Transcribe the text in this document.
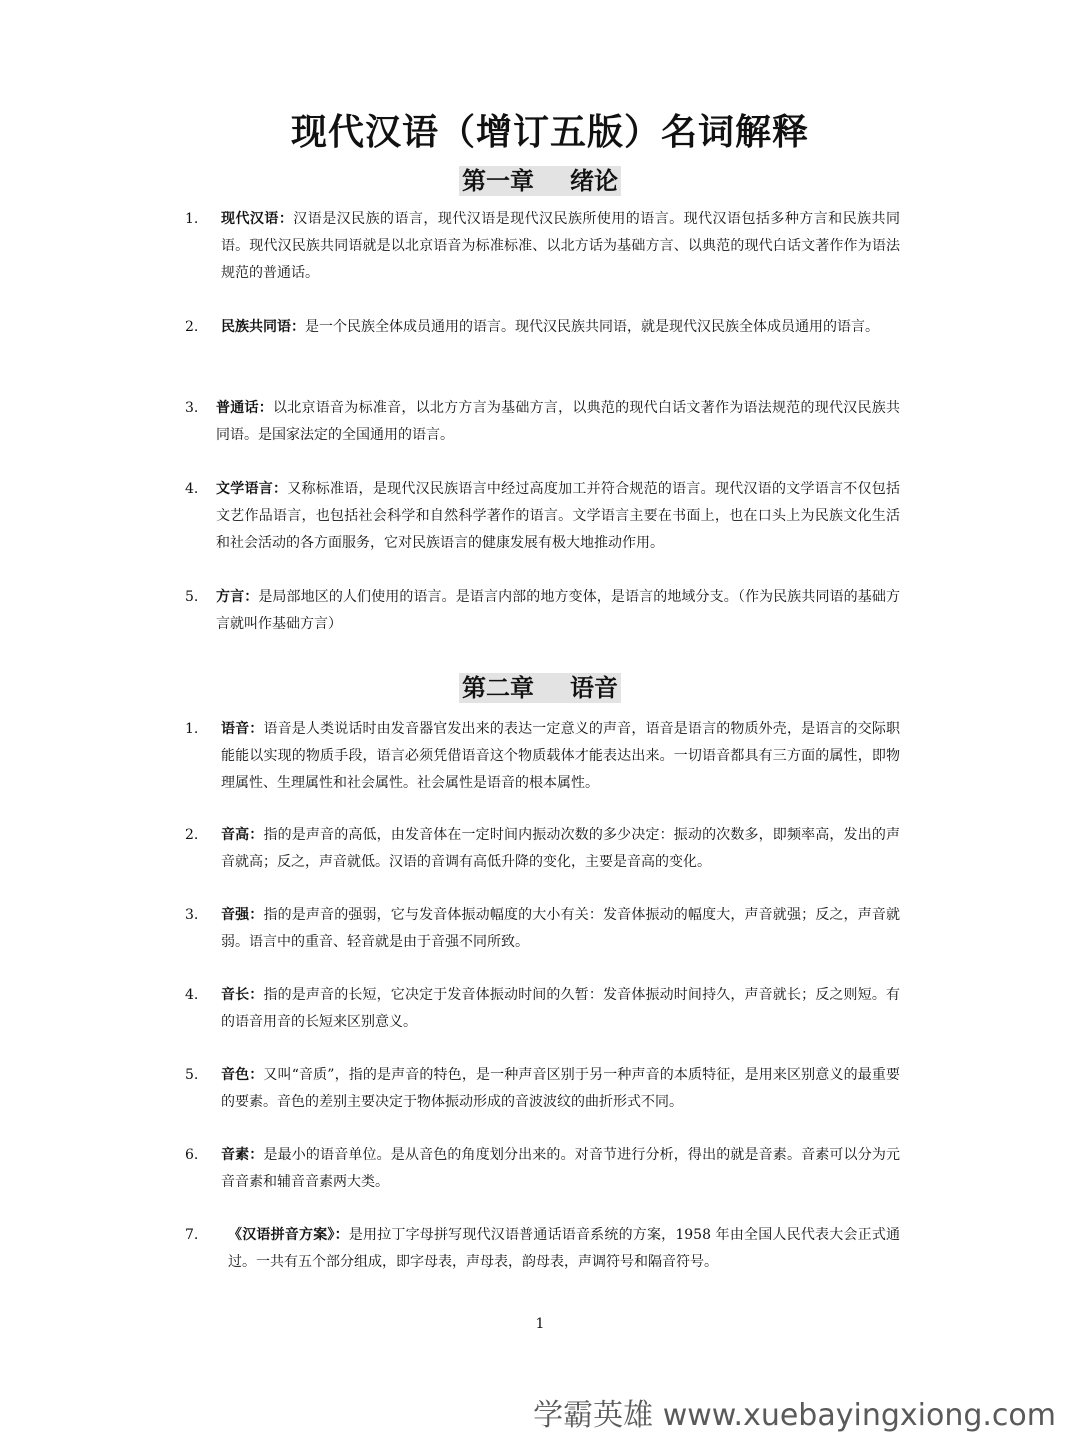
现代汉语（增订五版）名词解释
第一章 绪论
1. 现代汉语：汉语是汉民族的语言，现代汉语是现代汉民族所使用的语言。现代汉语包括多种方言和民族共同语。现代汉民族共同语就是以北京语音为标准标准、以北方话为基础方言、以典范的现代白话文著作作为语法规范的普通话。
2. 民族共同语：是一个民族全体成员通用的语言。现代汉民族共同语，就是现代汉民族全体成员通用的语言。
3. 普通话：以北京语音为标准音，以北方方言为基础方言，以典范的现代白话文著作为语法规范的现代汉民族共同语。是国家法定的全国通用的语言。
4. 文学语言：又称标准语，是现代汉民族语言中经过高度加工并符合规范的语言。现代汉语的文学语言不仅包括文艺作品语言，也包括社会科学和自然科学著作的语言。文学语言主要在书面上，也在口头上为民族文化生活和社会活动的各方面服务，它对民族语言的健康发展有极大地推动作用。
5. 方言：是局部地区的人们使用的语言。是语言内部的地方变体，是语言的地域分支。（作为民族共同语的基础方言就叫作基础方言）
第二章 语音
1. 语音：语音是人类说话时由发音器官发出来的表达一定意义的声音，语音是语言的物质外壳，是语言的交际职能能以实现的物质手段，语言必须凭借语音这个物质载体才能表达出来。一切语音都具有三方面的属性，即物理属性、生理属性和社会属性。社会属性是语音的根本属性。
2. 音高：指的是声音的高低，由发音体在一定时间内振动次数的多少决定：振动的次数多，即频率高，发出的声音就高；反之，声音就低。汉语的音调有高低升降的变化，主要是音高的变化。
3. 音强：指的是声音的强弱，它与发音体振动幅度的大小有关：发音体振动的幅度大，声音就强；反之，声音就弱。语言中的重音、轻音就是由于音强不同所致。
4. 音长：指的是声音的长短，它决定于发音体振动时间的久暂：发音体振动时间持久，声音就长；反之则短。有的语音用音的长短来区别意义。
5. 音色：又叫“音质”，指的是声音的特色，是一种声音区别于另一种声音的本质特征，是用来区别意义的最重要的要素。音色的差别主要决定于物体振动形成的音波波纹的曲折形式不同。
6. 音素：是最小的语音单位。是从音色的角度划分出来的。对音节进行分析，得出的就是音素。音素可以分为元音音素和辅音音素两大类。
7. 《汉语拼音方案》：是用拉丁字母拼写现代汉语普通话语音系统的方案，1958 年由全国人民代表大会正式通过。一共有五个部分组成，即字母表，声母表，韵母表，声调符号和隔音符号。
1
学霸英雄 www.xuebayingxiong.com
